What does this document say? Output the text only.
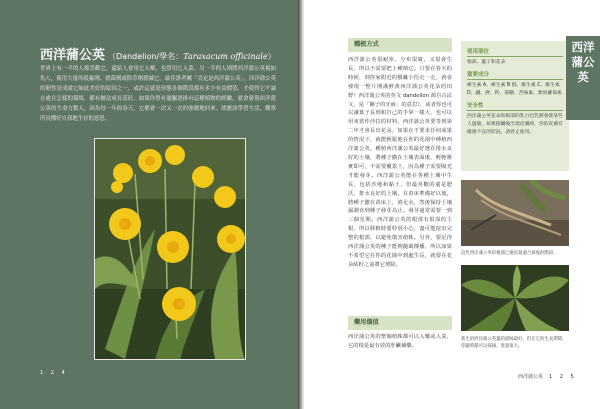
西洋蒲公英 （Dandelion/學名：Taraxacum officinale）
世界上有一半的人都喜歡它，還給人會用它入藥，也常用它入菜。另一半的人則將西洋蒲公英視如仇人，使用大量的殺蟲劑、殺菌劑或除草劑殺滅它。最佳證者屬「肯定是西洋蒲公英」。西洋蒲公英的韌性是成就它如此美好的原因之一，或許這就是形態各個階段都有多少有益價值，才使得它不論在處在怎樣的環境，都有辦法成長茁壯。如果你曾有過驅逐掛有這種植物的經驗，就會發現西洋蒲公英的生命力驚人，因為每一年的春天，它都會一次又一次的強韌地回來。故應該學習生活，觀察所長懂好自我地生存的意思。
1 2 4
種植方式
西洋蒲公英很耐寒，分布很廣，又很會生長，所以不需要把土種植它。只要在春天的時候，到你家附近的樹籬小徑走一走，就會發現一整片開滿鮮黃西洋蒲公英花朵的田野！西洋蒲公英的英文 dandelion 源自古法文，是「獅子的牙齒」的意思），或者你也可以讓葉子長到和自己的手掌一樣大，也可以用來當作沙拉的材料。西洋蒲公英要等到第二年才會長出花朵，如果在不要求任何成果的情況下，就能輕鬆地在你的花園中種植西洋蒲公英。種植西洋蒲公英最好選在排水良好的土壤，將種子撒在土壤表面後，輕輕壓實即可，不需要覆蓋土，因為種子需要陽光才能發芽。西洋蒲公英能在各種土壤中生長，包括沙地和黏土，但最喜歡的還是肥沃、排水良好的土壤。在苗床準備好以後，將種子撒在苗床上，澆足水，然後保持土壤濕潤直到種子發芽為止。發芽通常需要一到三個星期。西洋蒲公英的根部有很深的主根，所以移植時要特別小心，盡可能挖出完整的根部，以避免傷害植株。另外，要記得西洋蒲公英的種子能夠隨風傳播，所以如果不希望它在你的花園中到處生長，就要在花朵結籽之前將它剪除。
藥用價值
西洋蒲公英的整個植株都可以入藥或入菜，它的根是最有效的肝臟補藥。
使用部位
根部、葉子和花朵
重要成分
維生素 A、維生素 B 群、維生素 C、維生素 D、鐵、鉀、鈣、菊糖、苦味素、類胡蘿蔔素
安全性
西洋蒲公英花朵和根部的乳白色乳膠會使某些人過敏，如果接觸後出現皮膚疹，你的皮膚有敏感不良的狀況，請停止使用。
西洋蒲公英
這些西洋蒲公英的根部已處於最適合採收的階段。
新生的西洋蒲公英葉的滋味最好，但在它的生長期間，你隨時都可以採摘，產量很大。
西洋蒲公英 1 2 5
